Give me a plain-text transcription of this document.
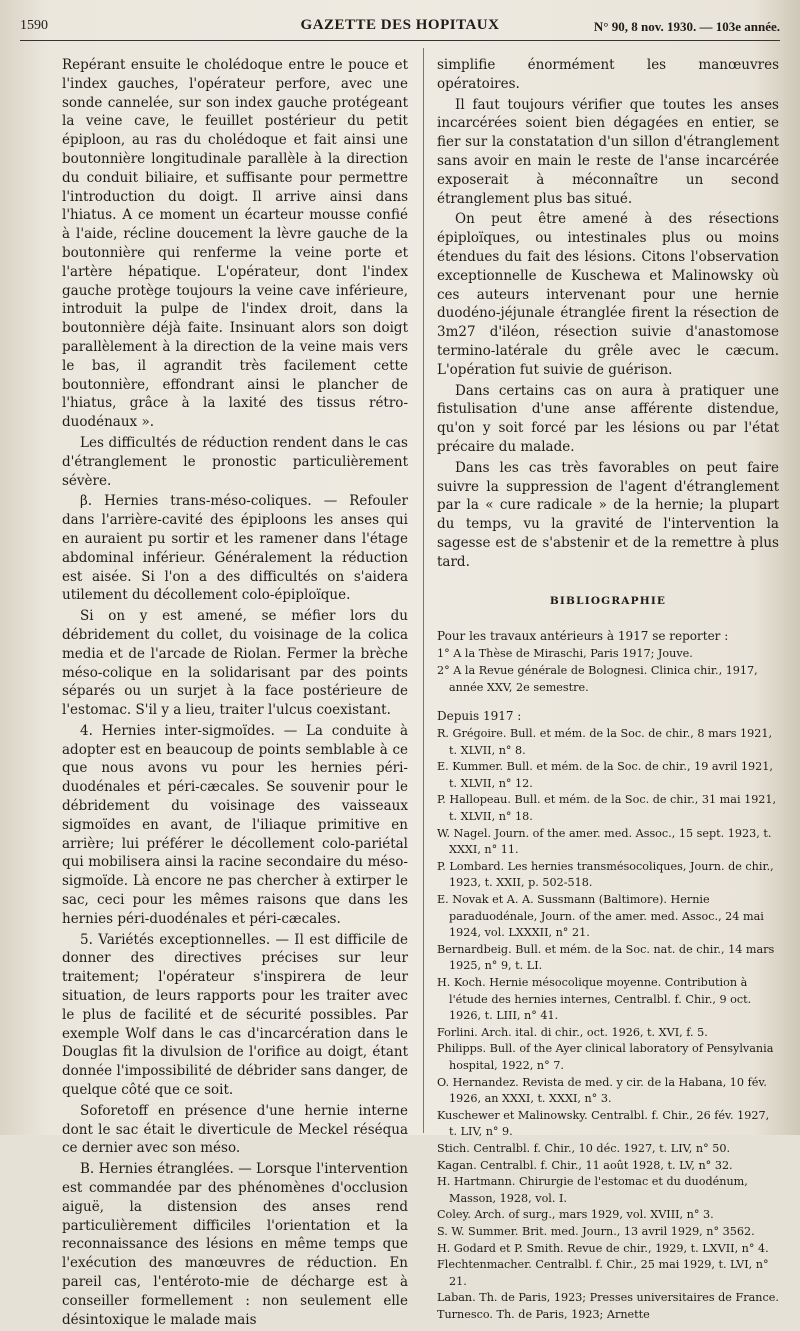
1590	GAZETTE DES HOPITAUX	N° 90, 8 nov. 1930. — 103e année.

Repérant ensuite le cholédoque entre le pouce et l'index gauches, l'opérateur perfore, avec une sonde cannelée, sur son index gauche protégeant la veine cave, le feuillet postérieur du petit épiploon, au ras du cholédoque et fait ainsi une boutonnière longitudinale parallèle à la direction du conduit biliaire, et suffisante pour permettre l'introduction du doigt. Il arrive ainsi dans l'hiatus. A ce moment un écarteur mousse confié à l'aide, récline doucement la lèvre gauche de la boutonnière qui renferme la veine porte et l'artère hépatique. L'opérateur, dont l'index gauche protège toujours la veine cave inférieure, introduit la pulpe de l'index droit, dans la boutonnière déjà faite. Insinuant alors son doigt parallèlement à la direction de la veine mais vers le bas, il agrandit très facilement cette boutonnière, effondrant ainsi le plancher de l'hiatus, grâce à la laxité des tissus rétro-duodénaux ».

Les difficultés de réduction rendent dans le cas d'étranglement le pronostic particulièrement sévère.

β. Hernies trans-méso-coliques. — Refouler dans l'arrière-cavité des épiploons les anses qui en auraient pu sortir et les ramener dans l'étage abdominal inférieur. Généralement la réduction est aisée. Si l'on a des difficultés on s'aidera utilement du décollement colo-épiploïque.

Si on y est amené, se méfier lors du débridement du collet, du voisinage de la colica media et de l'arcade de Riolan. Fermer la brèche méso-colique en la solidarisant par des points séparés ou un surjet à la face postérieure de l'estomac. S'il y a lieu, traiter l'ulcus coexistant.

4. Hernies inter-sigmoïdes. — La conduite à adopter est en beaucoup de points semblable à ce que nous avons vu pour les hernies péri-duodénales et péri-cæcales. Se souvenir pour le débridement du voisinage des vaisseaux sigmoïdes en avant, de l'iliaque primitive en arrière; lui préférer le décollement colo-pariétal qui mobilisera ainsi la racine secondaire du méso-sigmoïde. Là encore ne pas chercher à extirper le sac, ceci pour les mêmes raisons que dans les hernies péri-duodénales et péri-cæcales.

5. Variétés exceptionnelles. — Il est difficile de donner des directives précises sur leur traitement; l'opérateur s'inspirera de leur situation, de leurs rapports pour les traiter avec le plus de facilité et de sécurité possibles. Par exemple Wolf dans le cas d'incarcération dans le Douglas fit la divulsion de l'orifice au doigt, étant donnée l'impossibilité de débrider sans danger, de quelque côté que ce soit.

Soforetoff en présence d'une hernie interne dont le sac était le diverticule de Meckel réséqua ce dernier avec son méso.

B. Hernies étranglées. — Lorsque l'intervention est commandée par des phénomènes d'occlusion aiguë, la distension des anses rend particulièrement difficiles l'orientation et la reconnaissance des lésions en même temps que l'exécution des manœuvres de réduction. En pareil cas, l'entéroto-mie de décharge est à conseiller formellement : non seulement elle désintoxique le malade mais

simplifie énormément les manœuvres opératoires.

Il faut toujours vérifier que toutes les anses incarcérées soient bien dégagées en entier, se fier sur la constatation d'un sillon d'étranglement sans avoir en main le reste de l'anse incarcérée exposerait à méconnaître un second étranglement plus bas situé.

On peut être amené à des résections épiploïques, ou intestinales plus ou moins étendues du fait des lésions. Citons l'observation exceptionnelle de Kuschewa et Malinowsky où ces auteurs intervenant pour une hernie duodéno-jéjunale étranglée firent la résection de 3m27 d'iléon, résection suivie d'anastomose termino-latérale du grêle avec le cæcum. L'opération fut suivie de guérison.

Dans certains cas on aura à pratiquer une fistulisation d'une anse afférente distendue, qu'on y soit forcé par les lésions ou par l'état précaire du malade.

Dans les cas très favorables on peut faire suivre la suppression de l'agent d'étranglement par la « cure radicale » de la hernie; la plupart du temps, vu la gravité de l'intervention la sagesse est de s'abstenir et de la remettre à plus tard.

BIBLIOGRAPHIE

Pour les travaux antérieurs à 1917 se reporter :

1° A la Thèse de Miraschi, Paris 1917; Jouve.

2° A la Revue générale de Bolognesi. Clinica chir., 1917, année XXV, 2e semestre.

Depuis 1917 :

R. Grégoire. Bull. et mém. de la Soc. de chir., 8 mars 1921, t. XLVII, n° 8.

E. Kummer. Bull. et mém. de la Soc. de chir., 19 avril 1921, t. XLVII, n° 12.

P. Hallopeau. Bull. et mém. de la Soc. de chir., 31 mai 1921, t. XLVII, n° 18.

W. Nagel. Journ. of the amer. med. Assoc., 15 sept. 1923, t. XXXI, n° 11.

P. Lombard. Les hernies transmésocoliques, Journ. de chir., 1923, t. XXII, p. 502-518.

E. Novak et A. A. Sussmann (Baltimore). Hernie paraduodénale, Journ. of the amer. med. Assoc., 24 mai 1924, vol. LXXXII, n° 21.

Bernardbeig. Bull. et mém. de la Soc. nat. de chir., 14 mars 1925, n° 9, t. LI.

H. Koch. Hernie mésocolique moyenne. Contribution à l'étude des hernies internes, Centralbl. f. Chir., 9 oct. 1926, t. LIII, n° 41.

Forlini. Arch. ital. di chir., oct. 1926, t. XVI, f. 5.

Philipps. Bull. of the Ayer clinical laboratory of Pensylvania hospital, 1922, n° 7.

O. Hernandez. Revista de med. y cir. de la Habana, 10 fév. 1926, an XXXI, t. XXXI, n° 3.

Kuschewer et Malinowsky. Centralbl. f. Chir., 26 fév. 1927, t. LIV, n° 9.

Stich. Centralbl. f. Chir., 10 déc. 1927, t. LIV, n° 50.

Kagan. Centralbl. f. Chir., 11 août 1928, t. LV, n° 32.

H. Hartmann. Chirurgie de l'estomac et du duodénum, Masson, 1928, vol. I.

Coley. Arch. of surg., mars 1929, vol. XVIII, n° 3.

S. W. Summer. Brit. med. Journ., 13 avril 1929, n° 3562.

H. Godard et P. Smith. Revue de chir., 1929, t. LXVII, n° 4.

Flechtenmacher. Centralbl. f. Chir., 25 mai 1929, t. LVI, n° 21.

Laban. Th. de Paris, 1923; Presses universitaires de France.

Turnesco. Th. de Paris, 1923; Arnette
